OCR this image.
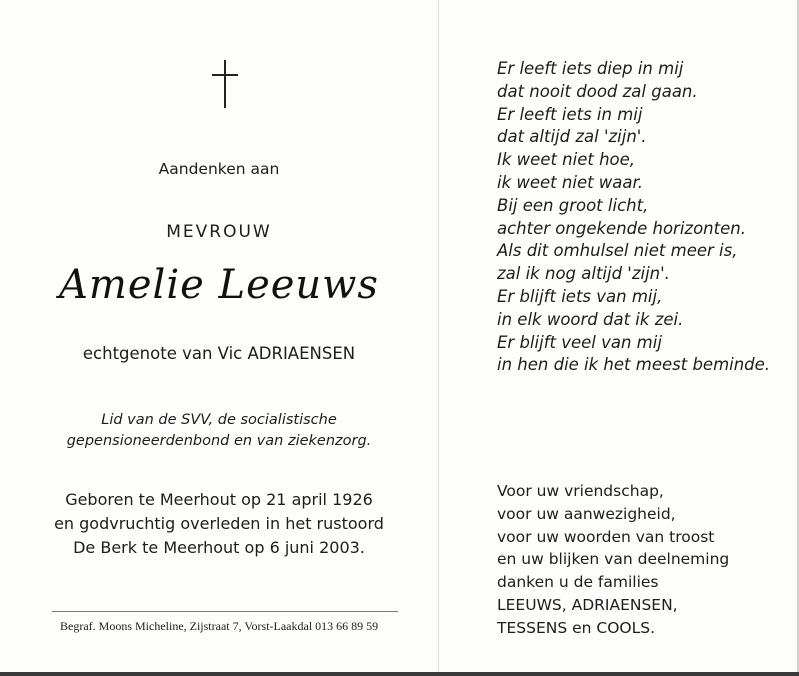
Aandenken aan
MEVROUW
Amelie Leeuws
echtgenote van Vic ADRIAENSEN
Lid van de SVV, de socialistische
gepensioneerdenbond en van ziekenzorg.
Geboren te Meerhout op 21 april 1926
en godvruchtig overleden in het rustoord
De Berk te Meerhout op 6 juni 2003.
Begraf. Moons Micheline, Zijstraat 7, Vorst-Laakdal 013 66 89 59
Er leeft iets diep in mij
dat nooit dood zal gaan.
Er leeft iets in mij
dat altijd zal 'zijn'.
Ik weet niet hoe,
ik weet niet waar.
Bij een groot licht,
achter ongekende horizonten.
Als dit omhulsel niet meer is,
zal ik nog altijd 'zijn'.
Er blijft iets van mij,
in elk woord dat ik zei.
Er blijft veel van mij
in hen die ik het meest beminde.
Voor uw vriendschap,
voor uw aanwezigheid,
voor uw woorden van troost
en uw blijken van deelneming
danken u de families
LEEUWS, ADRIAENSEN,
TESSENS en COOLS.
